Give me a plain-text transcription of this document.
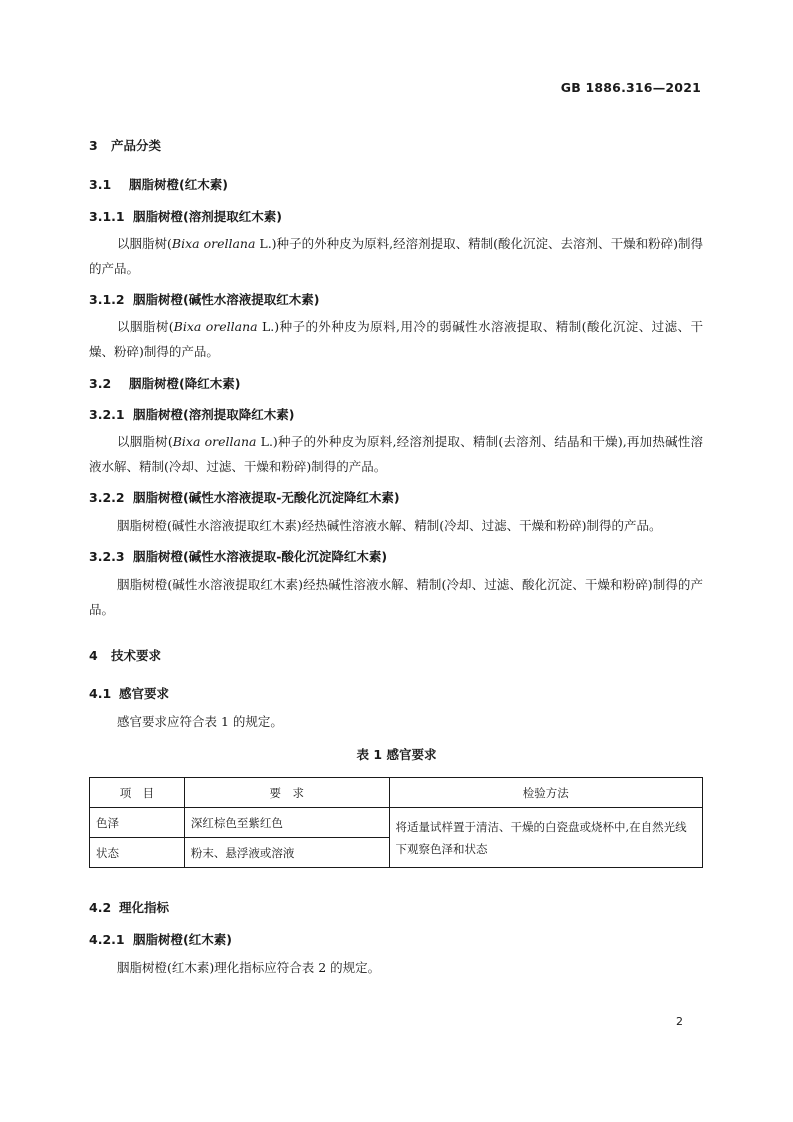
GB 1886.316—2021
3 产品分类
3.1 胭脂树橙(红木素)
3.1.1 胭脂树橙(溶剂提取红木素)
以胭脂树(Bixa orellana L.)种子的外种皮为原料,经溶剂提取、精制(酸化沉淀、去溶剂、干燥和粉碎)制得的产品。
3.1.2 胭脂树橙(碱性水溶液提取红木素)
以胭脂树(Bixa orellana L.)种子的外种皮为原料,用冷的弱碱性水溶液提取、精制(酸化沉淀、过滤、干燥、粉碎)制得的产品。
3.2 胭脂树橙(降红木素)
3.2.1 胭脂树橙(溶剂提取降红木素)
以胭脂树(Bixa orellana L.)种子的外种皮为原料,经溶剂提取、精制(去溶剂、结晶和干燥),再加热碱性溶液水解、精制(冷却、过滤、干燥和粉碎)制得的产品。
3.2.2 胭脂树橙(碱性水溶液提取-无酸化沉淀降红木素)
胭脂树橙(碱性水溶液提取红木素)经热碱性溶液水解、精制(冷却、过滤、干燥和粉碎)制得的产品。
3.2.3 胭脂树橙(碱性水溶液提取-酸化沉淀降红木素)
胭脂树橙(碱性水溶液提取红木素)经热碱性溶液水解、精制(冷却、过滤、酸化沉淀、干燥和粉碎)制得的产品。
4 技术要求
4.1 感官要求
感官要求应符合表 1 的规定。
表 1 感官要求
项　目	要　求	检验方法
色泽	深红棕色至紫红色	将适量试样置于清洁、干燥的白瓷盘或烧杯中,在自然光线下观察色泽和状态
状态	粉末、悬浮液或溶液	
4.2 理化指标
4.2.1 胭脂树橙(红木素)
胭脂树橙(红木素)理化指标应符合表 2 的规定。
2
